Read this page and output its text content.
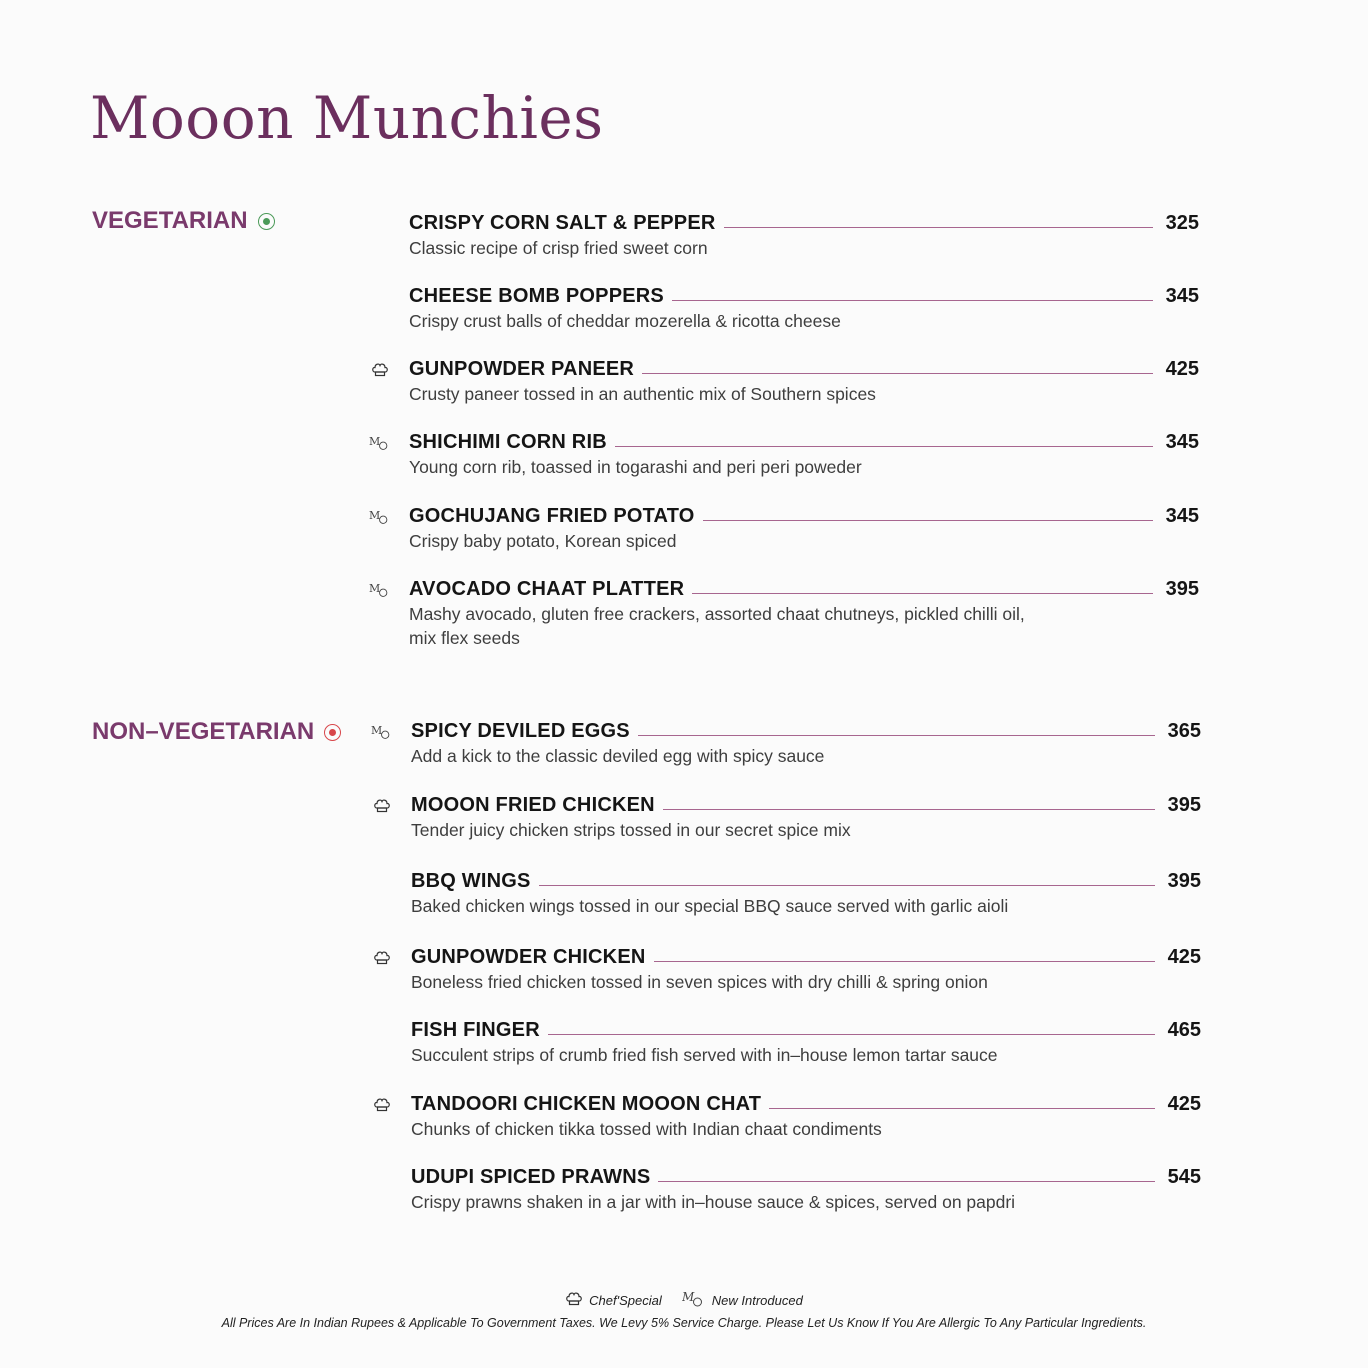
Mooon Munchies
VEGETARIAN
NON–VEGETARIAN
CRISPY CORN SALT & PEPPER	325
Classic recipe of crisp fried sweet corn
CHEESE BOMB POPPERS	345
Crispy crust balls of cheddar mozerella & ricotta cheese
GUNPOWDER PANEER	425
Crusty paneer tossed in an authentic mix of Southern spices
M SHICHIMI CORN RIB	345
Young corn rib, toassed in togarashi and peri peri poweder
M GOCHUJANG FRIED POTATO	345
Crispy baby potato, Korean spiced
M AVOCADO CHAAT PLATTER	395
Mashy avocado, gluten free crackers, assorted chaat chutneys, pickled chilli oil, mix flex seeds
M SPICY DEVILED EGGS	365
Add a kick to the classic deviled egg with spicy sauce
MOOON FRIED CHICKEN	395
Tender juicy chicken strips tossed in our secret spice mix
BBQ WINGS	395
Baked chicken wings tossed in our special BBQ sauce served with garlic aioli
GUNPOWDER CHICKEN	425
Boneless fried chicken tossed in seven spices with dry chilli & spring onion
FISH FINGER	465
Succulent strips of crumb fried fish served with in–house lemon tartar sauce
TANDOORI CHICKEN MOOON CHAT	425
Chunks of chicken tikka tossed with Indian chaat condiments
UDUPI SPICED PRAWNS	545
Crispy prawns shaken in a jar with in–house sauce & spices, served on papdri
Chef'Special M New Introduced
All Prices Are In Indian Rupees & Applicable To Government Taxes. We Levy 5% Service Charge. Please Let Us Know If You Are Allergic To Any Particular Ingredients.
